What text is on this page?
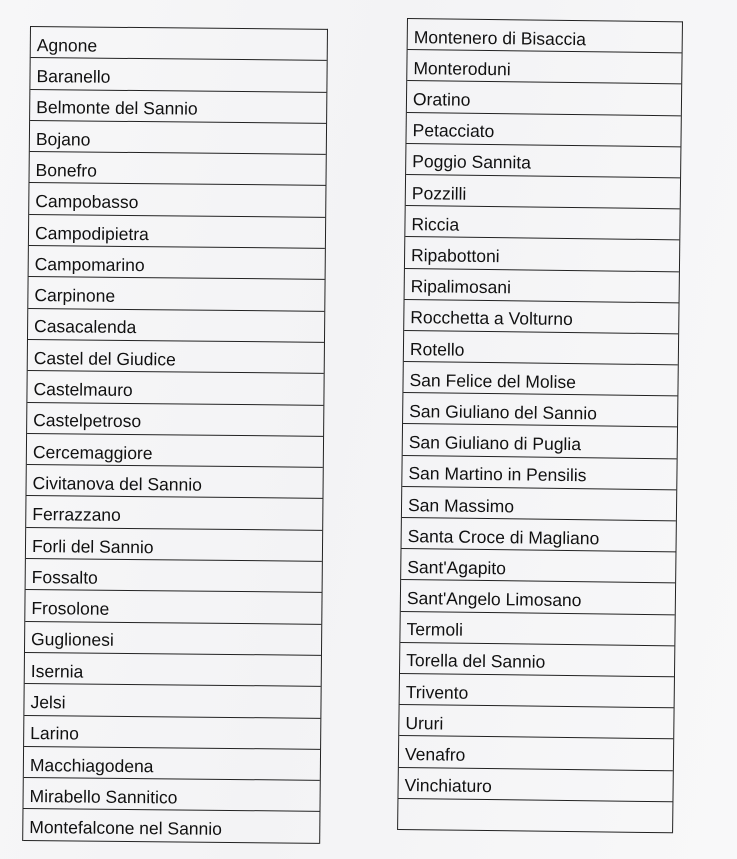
Agnone
Baranello
Belmonte del Sannio
Bojano
Bonefro
Campobasso
Campodipietra
Campomarino
Carpinone
Casacalenda
Castel del Giudice
Castelmauro
Castelpetroso
Cercemaggiore
Civitanova del Sannio
Ferrazzano
Forli del Sannio
Fossalto
Frosolone
Guglionesi
Isernia
Jelsi
Larino
Macchiagodena
Mirabello Sannitico
Montefalcone nel Sannio
Montenero di Bisaccia
Monteroduni
Oratino
Petacciato
Poggio Sannita
Pozzilli
Riccia
Ripabottoni
Ripalimosani
Rocchetta a Volturno
Rotello
San Felice del Molise
San Giuliano del Sannio
San Giuliano di Puglia
San Martino in Pensilis
San Massimo
Santa Croce di Magliano
Sant'Agapito
Sant'Angelo Limosano
Termoli
Torella del Sannio
Trivento
Ururi
Venafro
Vinchiaturo
